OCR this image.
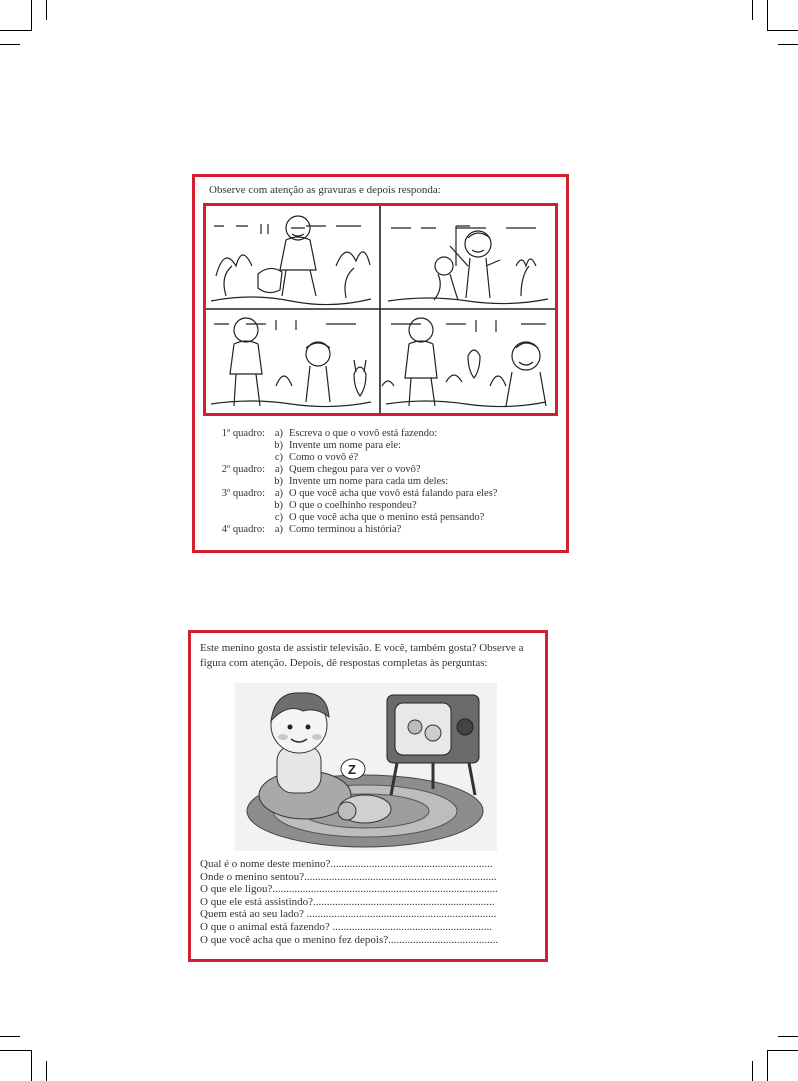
Observe com atenção as gravuras e depois responda:
1º quadro: a) Escreva o que o vovô está fazendo:
b) Invente um nome para ele:
c) Como o vovô é?
2º quadro: a) Quem chegou para ver o vovô?
b) Invente um nome para cada um deles:
3º quadro: a) O que você acha que vovô está falando para eles?
b) O que o coelhinho respondeu?
c) O que você acha que o menino está pensando?
4º quadro: a) Como terminou a história?
Este menino gosta de assistir televisão. E você, também gosta? Observe a figura com atenção. Depois, dê respostas completas às perguntas:
Z
Qual é o nome deste menino?...........................................................
Onde o menino sentou?......................................................................
O que ele ligou?..................................................................................
O que ele está assistindo?..................................................................
Quem está ao seu lado? .....................................................................
O que o animal está fazendo? ..........................................................
O que você acha que o menino fez depois?........................................
